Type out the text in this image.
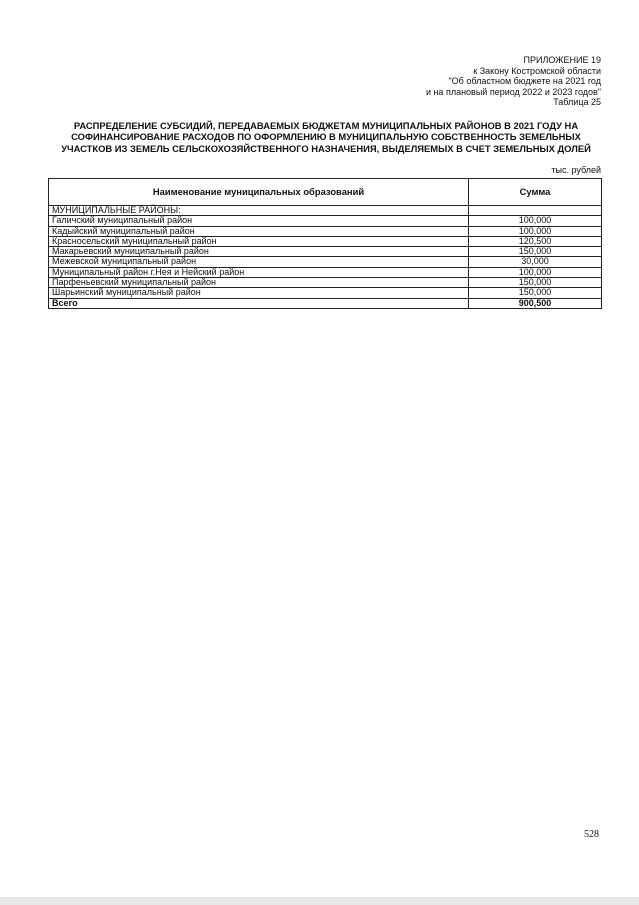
ПРИЛОЖЕНИЕ 19
к Закону Костромской области
"Об областном бюджете на 2021 год
и на плановый период 2022 и 2023 годов"
Таблица 25
РАСПРЕДЕЛЕНИЕ СУБСИДИЙ, ПЕРЕДАВАЕМЫХ БЮДЖЕТАМ МУНИЦИПАЛЬНЫХ РАЙОНОВ В 2021 ГОДУ НА СОФИНАНСИРОВАНИЕ РАСХОДОВ ПО ОФОРМЛЕНИЮ В МУНИЦИПАЛЬНУЮ СОБСТВЕННОСТЬ ЗЕМЕЛЬНЫХ УЧАСТКОВ ИЗ ЗЕМЕЛЬ СЕЛЬСКОХОЗЯЙСТВЕННОГО НАЗНАЧЕНИЯ, ВЫДЕЛЯЕМЫХ В СЧЕТ ЗЕМЕЛЬНЫХ ДОЛЕЙ
тыс. рублей
Наименование муниципальных образований	Сумма
МУНИЦИПАЛЬНЫЕ РАЙОНЫ:	
Галичский муниципальный район	100,000
Кадыйский муниципальный район	100,000
Красносельский муниципальный район	120,500
Макарьевский муниципальный район	150,000
Межевской муниципальный район	30,000
Муниципальный район г.Нея и Нейский район	100,000
Парфеньевский муниципальный район	150,000
Шарьинский муниципальный район	150,000
Всего	900,500
528
